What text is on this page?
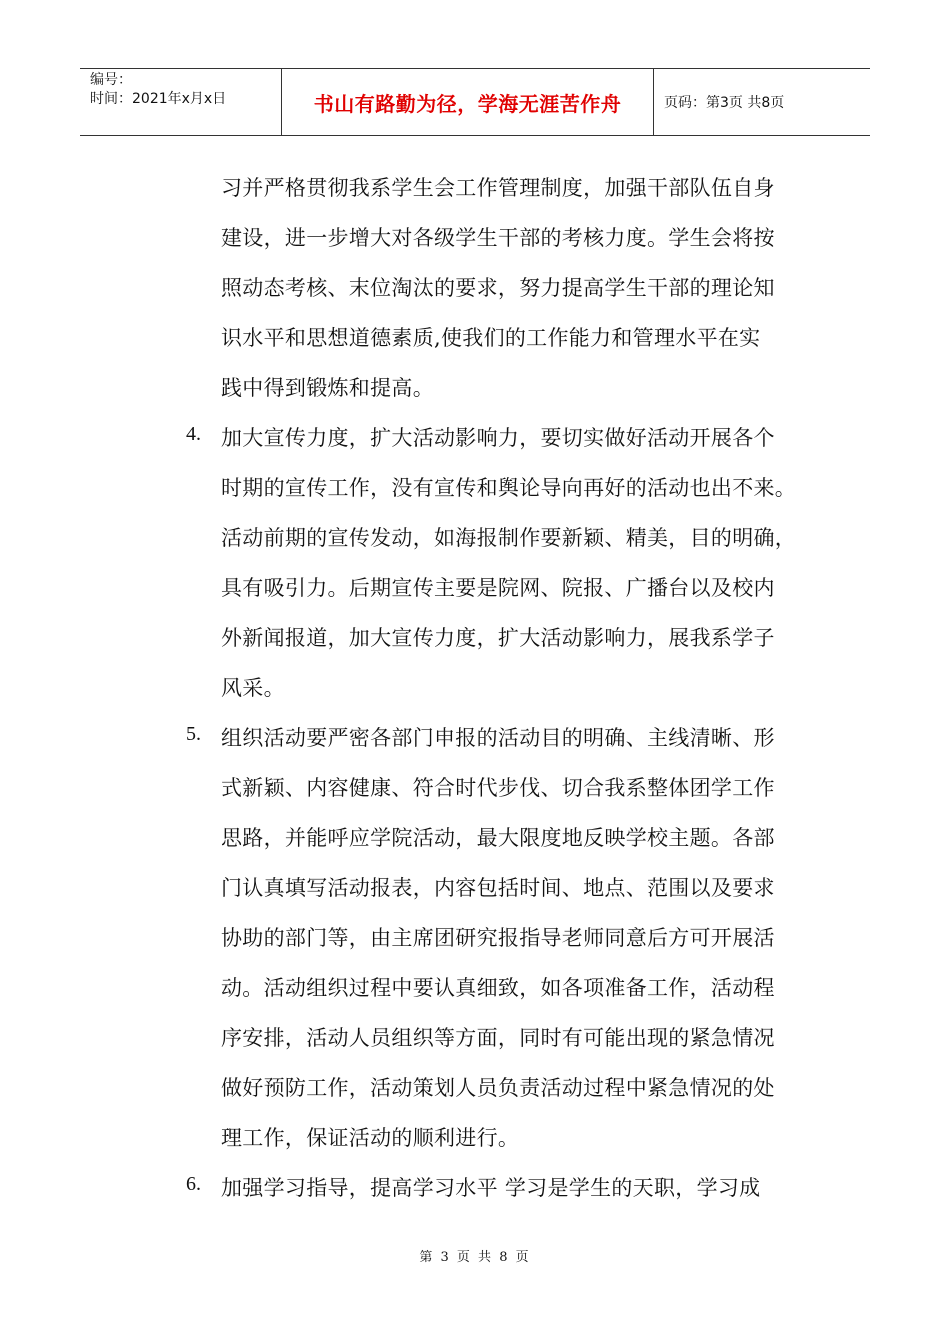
编号：
时间：2021年x月x日	书山有路勤为径，学海无涯苦作舟	页码：第3页 共8页
习并严格贯彻我系学生会工作管理制度，加强干部队伍自身
建设，进一步增大对各级学生干部的考核力度。学生会将按
照动态考核、末位淘汰的要求，努力提高学生干部的理论知
识水平和思想道德素质,使我们的工作能力和管理水平在实
践中得到锻炼和提高。
4. 加大宣传力度，扩大活动影响力，要切实做好活动开展各个
时期的宣传工作，没有宣传和舆论导向再好的活动也出不来。
活动前期的宣传发动，如海报制作要新颖、精美，目的明确，
具有吸引力。后期宣传主要是院网、院报、广播台以及校内
外新闻报道，加大宣传力度，扩大活动影响力，展我系学子
风采。
5. 组织活动要严密各部门申报的活动目的明确、主线清晰、形
式新颖、内容健康、符合时代步伐、切合我系整体团学工作
思路，并能呼应学院活动，最大限度地反映学校主题。各部
门认真填写活动报表，内容包括时间、地点、范围以及要求
协助的部门等，由主席团研究报指导老师同意后方可开展活
动。活动组织过程中要认真细致，如各项准备工作，活动程
序安排，活动人员组织等方面，同时有可能出现的紧急情况
做好预防工作，活动策划人员负责活动过程中紧急情况的处
理工作，保证活动的顺利进行。
6. 加强学习指导，提高学习水平 学习是学生的天职，学习成
第 3 页 共 8 页
